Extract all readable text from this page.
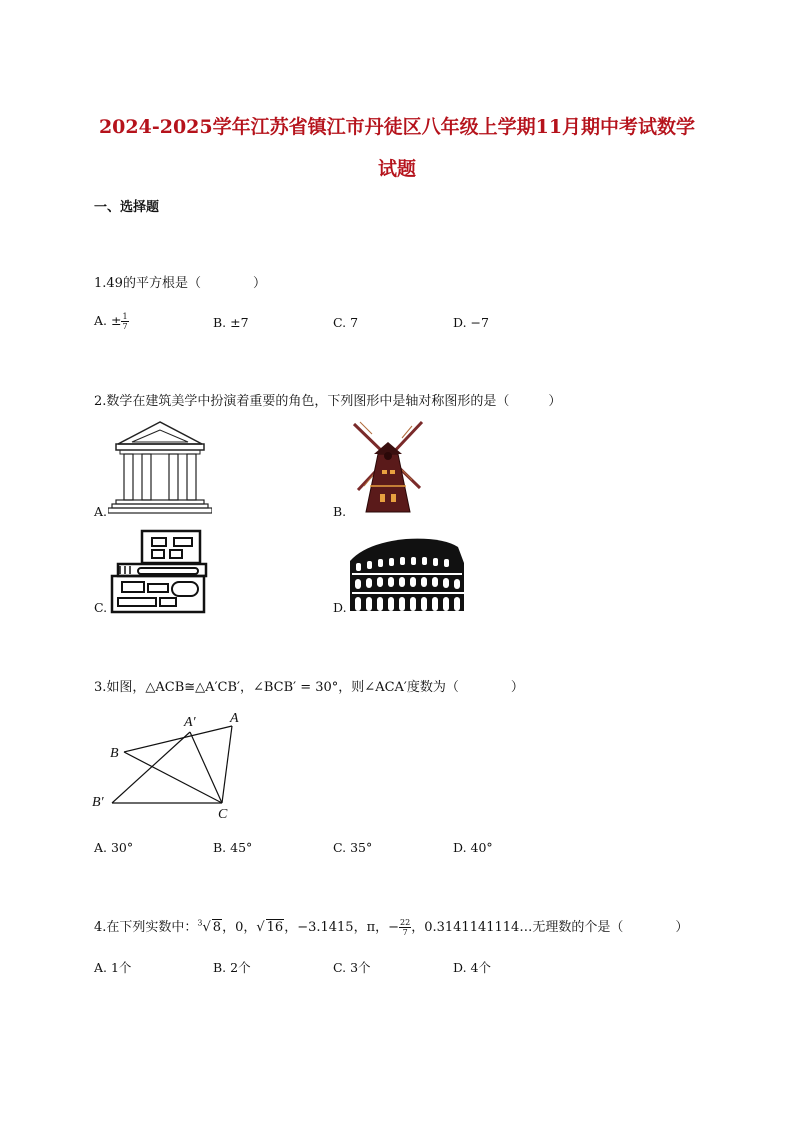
2024-2025学年江苏省镇江市丹徒区八年级上学期11月期中考试数学
试题
一、选择题
1.49的平方根是（　　　　）
A. ± $\frac{1}{7}$	B. ±7	C. 7	D. −7
2.数学在建筑美学中扮演着重要的角色，下列图形中是轴对称图形的是（　　　）
A.	B.
C.	D.
3.如图，△ACB≅△A′CB′，∠BCB′ = 30°，则∠ACA′度数为（　　　　）
A′ A
B
B′
C
A. 30°	B. 45°	C. 35°	D. 40°
4.在下列实数中：$^3$√ 8，0，√ 16，−3.1415，π，− $\frac{22}{7}$ ，0.3141141114…无理数的个是（　　　　）
A. 1个	B. 2个	C. 3个	D. 4个
